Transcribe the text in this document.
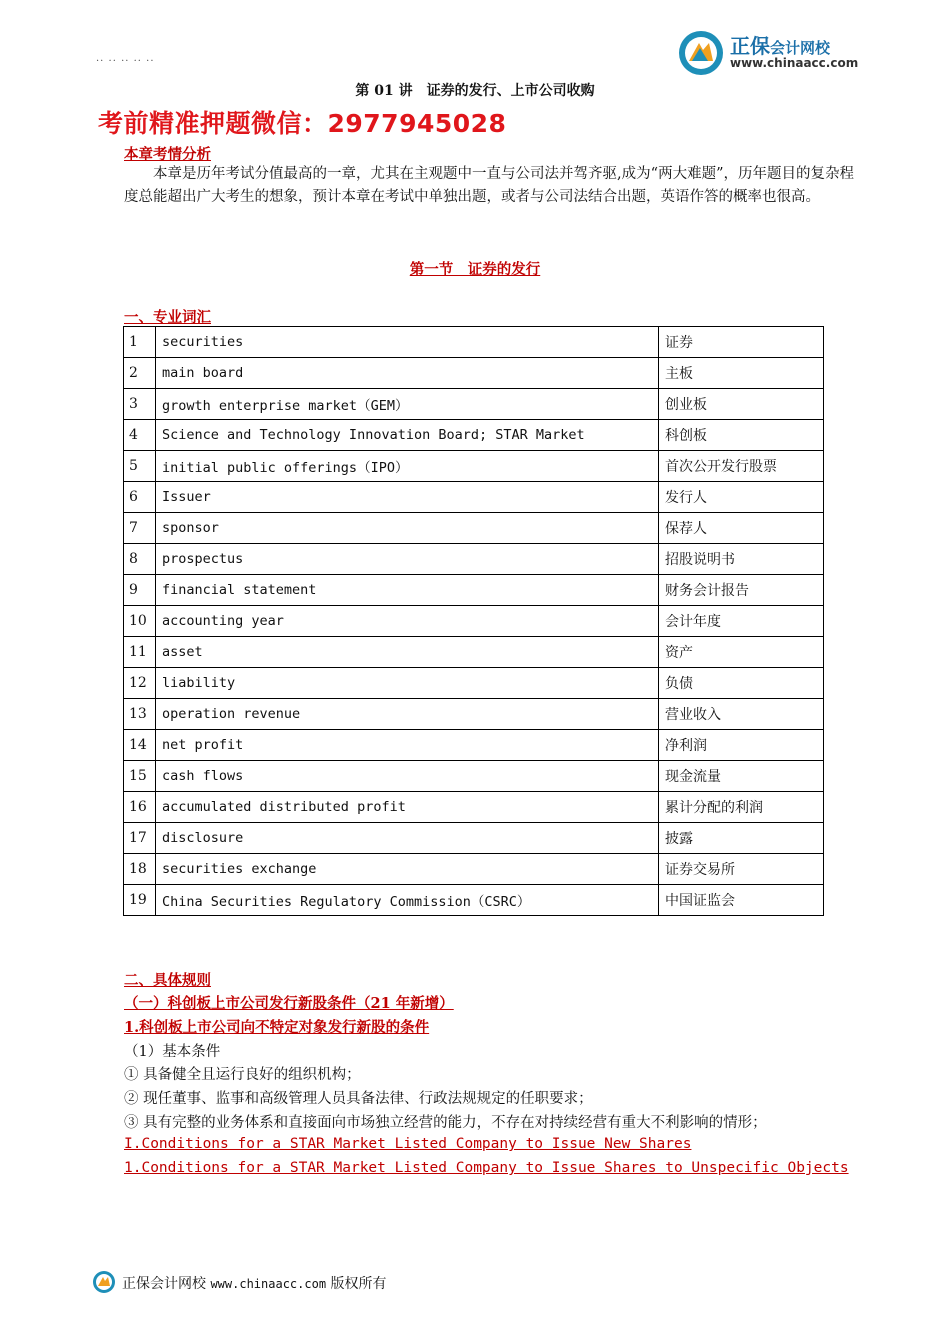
·· ·· ·· ·· ··
正保会计网校
www.chinaacc.com
第 01 讲　证券的发行、上市公司收购
考前精准押题微信：2977945028
本章考情分析
本章是历年考试分值最高的一章，尤其在主观题中一直与公司法并驾齐驱,成为“两大难题”，历年题目的复杂程度总能超出广大考生的想象，预计本章在考试中单独出题，或者与公司法结合出题，英语作答的概率也很高。
第一节　证券的发行
一、专业词汇
1	securities	证券
2	main board	主板
3	growth enterprise market（GEM）	创业板
4	Science and Technology Innovation Board; STAR Market	科创板
5	initial public offerings（IPO）	首次公开发行股票
6	Issuer	发行人
7	sponsor	保荐人
8	prospectus	招股说明书
9	financial statement	财务会计报告
10	accounting year	会计年度
11	asset	资产
12	liability	负债
13	operation revenue	营业收入
14	net profit	净利润
15	cash flows	现金流量
16	accumulated distributed profit	累计分配的利润
17	disclosure	披露
18	securities exchange	证券交易所
19	China Securities Regulatory Commission（CSRC）	中国证监会
二、具体规则
（一）科创板上市公司发行新股条件（21 年新增）
1.科创板上市公司向不特定对象发行新股的条件
（1）基本条件
① 具备健全且运行良好的组织机构；
② 现任董事、监事和高级管理人员具备法律、行政法规规定的任职要求；
③ 具有完整的业务体系和直接面向市场独立经营的能力，不存在对持续经营有重大不利影响的情形；
I.Conditions for a STAR Market Listed Company to Issue New Shares
1.Conditions for a STAR Market Listed Company to Issue Shares to Unspecific Objects
正保会计网校 www.chinaacc.com 版权所有
